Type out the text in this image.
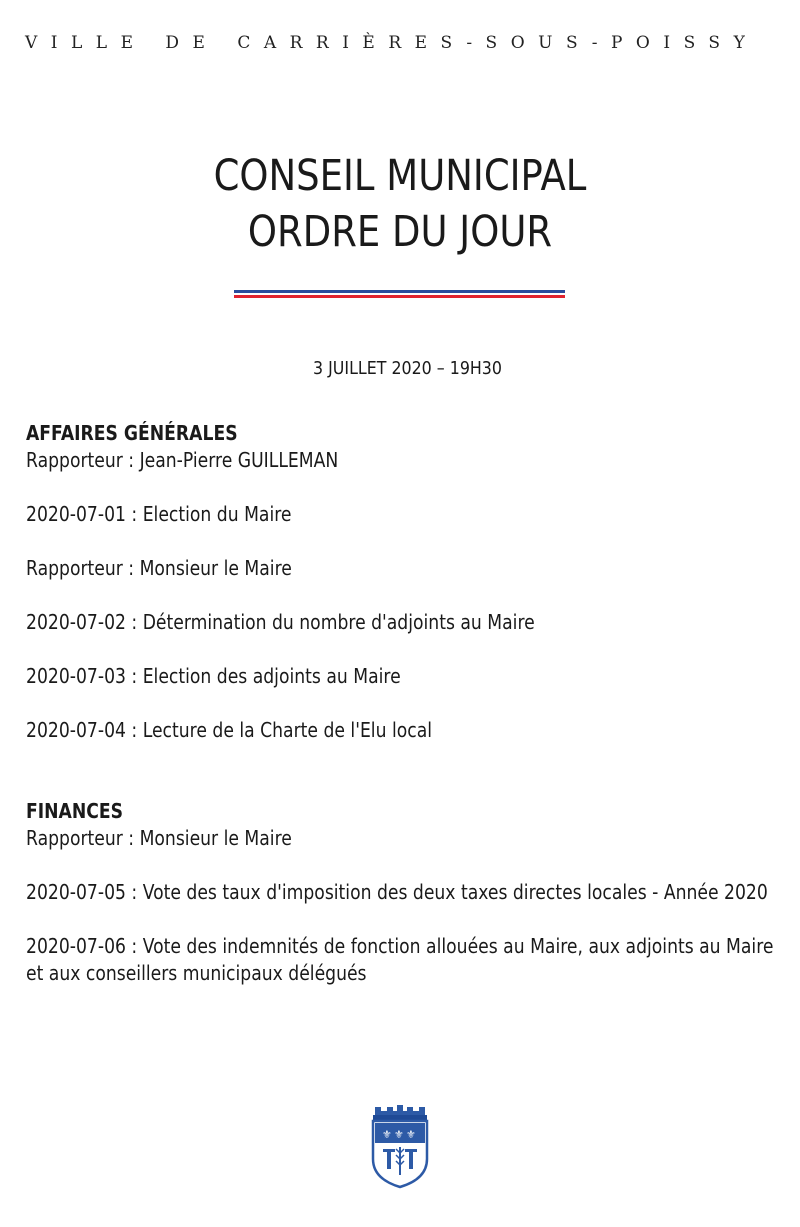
VILLE DE CARRIÈRES-SOUS-POISSY
CONSEIL MUNICIPAL
ORDRE DU JOUR
3 JUILLET 2020 – 19H30
AFFAIRES GÉNÉRALES
Rapporteur : Jean-Pierre GUILLEMAN
2020-07-01 : Election du Maire
Rapporteur : Monsieur le Maire
2020-07-02 : Détermination du nombre d'adjoints au Maire
2020-07-03 : Election des adjoints au Maire
2020-07-04 : Lecture de la Charte de l'Elu local
FINANCES
Rapporteur : Monsieur le Maire
2020-07-05 : Vote des taux d'imposition des deux taxes directes locales - Année 2020
2020-07-06 : Vote des indemnités de fonction allouées au Maire, aux adjoints au Maire et aux conseillers municipaux délégués
⚜ ⚜ ⚜
